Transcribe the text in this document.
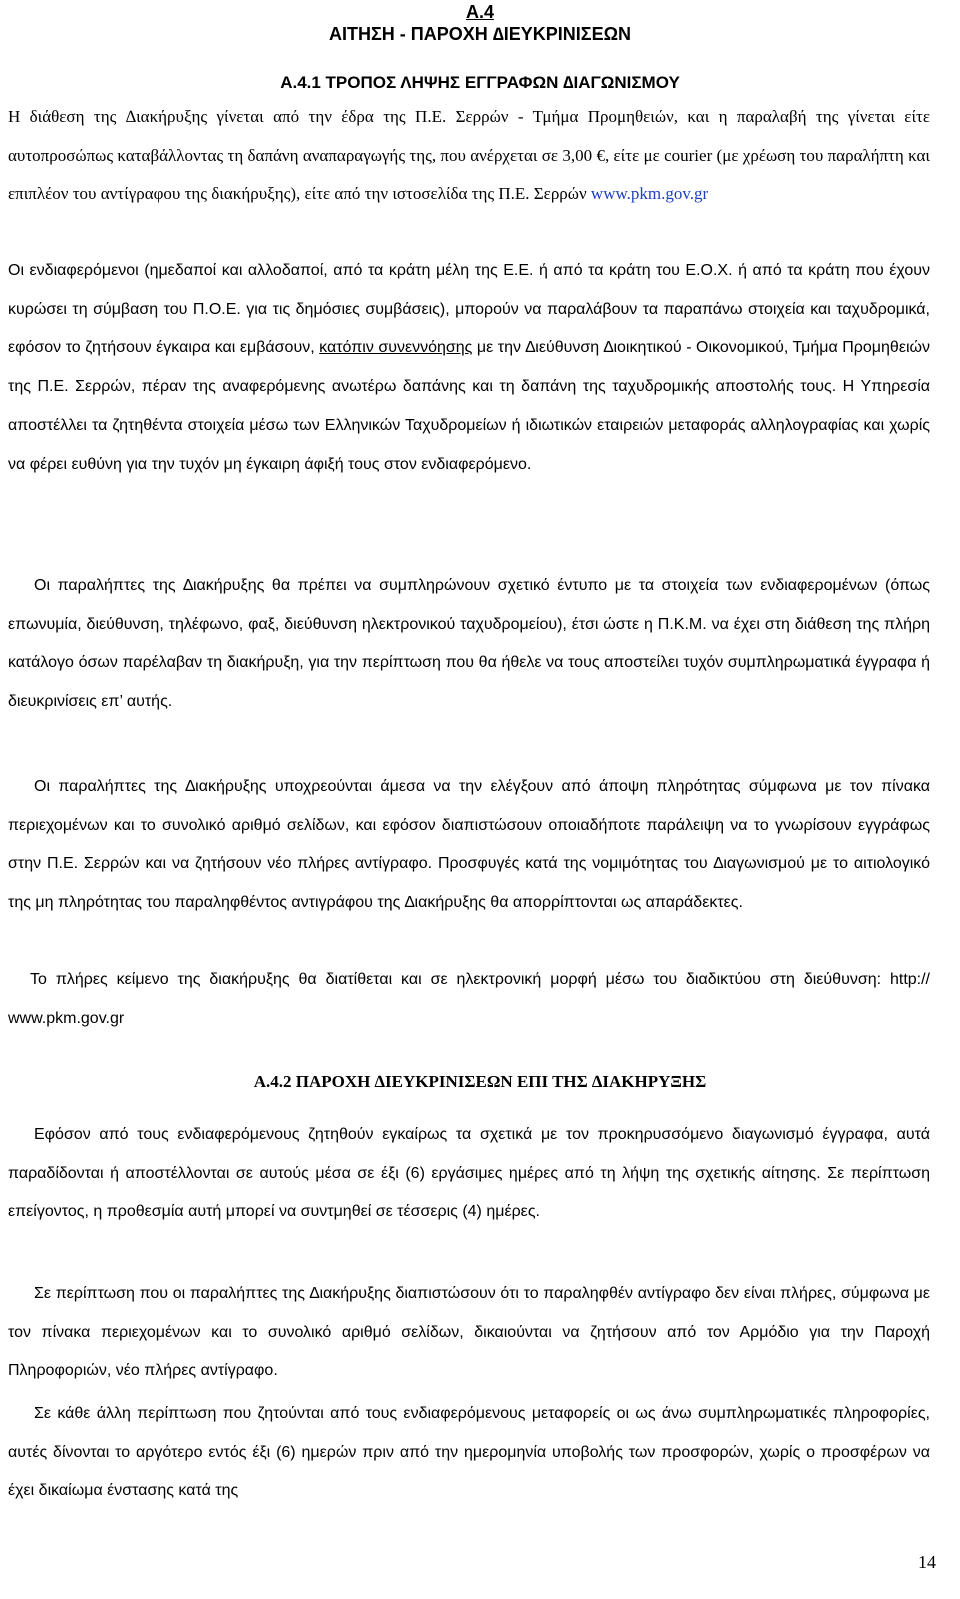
Α.4
ΑΙΤΗΣΗ - ΠΑΡΟΧΗ ∆ΙΕΥΚΡΙΝΙΣΕΩΝ
Α.4.1 ΤΡΟΠΟΣ ΛΗΨΗΣ ΕΓΓΡΑΦΩΝ ∆ΙΑΓΩΝΙΣΜΟΥ

Η διάθεση της ∆ιακήρυξης γίνεται από την έδρα της Π.Ε. Σερρών - Τμήμα Προμηθειών, και η παραλαβή της γίνεται είτε αυτοπροσώπως καταβάλλοντας τη δαπάνη αναπαραγωγής της, που ανέρχεται σε 3,00 €, είτε με courier (με χρέωση του παραλήπτη και επιπλέον του αντίγραφου της διακήρυξης), είτε από την ιστοσελίδα της Π.Ε. Σερρών www.pkm.gov.gr

Οι ενδιαφερόμενοι (ημεδαποί και αλλοδαποί, από τα κράτη μέλη της Ε.Ε. ή από τα κράτη του Ε.Ο.Χ. ή από τα κράτη που έχουν κυρώσει τη σύμβαση του Π.Ο.Ε. για τις δημόσιες συμβάσεις), μπορούν να παραλάβουν τα παραπάνω στοιχεία και ταχυδρομικά, εφόσον το ζητήσουν έγκαιρα και εμβάσουν, κατόπιν συνεννόησης με την ∆ιεύθυνση ∆ιοικητικού - Οικονομικού, Τμήμα Προμηθειών της Π.Ε. Σερρών, πέραν της αναφερόμενης ανωτέρω δαπάνης και τη δαπάνη της ταχυδρομικής αποστολής τους. Η Υπηρεσία αποστέλλει τα ζητηθέντα στοιχεία μέσω των Ελληνικών Ταχυδρομείων ή ιδιωτικών εταιρειών μεταφοράς αλληλογραφίας και χωρίς να φέρει ευθύνη για την τυχόν μη έγκαιρη άφιξή τους στον ενδιαφερόμενο.

Οι παραλήπτες της ∆ιακήρυξης θα πρέπει να συμπληρώνουν σχετικό έντυπο με τα στοιχεία των ενδιαφερομένων (όπως επωνυμία, διεύθυνση, τηλέφωνο, φαξ, διεύθυνση ηλεκτρονικού ταχυδρομείου), έτσι ώστε η Π.Κ.Μ. να έχει στη διάθεση της πλήρη κατάλογο όσων παρέλαβαν τη διακήρυξη, για την περίπτωση που θα ήθελε να τους αποστείλει τυχόν συμπληρωματικά έγγραφα ή διευκρινίσεις επ’ αυτής.

Οι παραλήπτες της ∆ιακήρυξης υποχρεούνται άμεσα να την ελέγξουν από άποψη πληρότητας σύμφωνα με τον πίνακα περιεχομένων και το συνολικό αριθμό σελίδων, και εφόσον διαπιστώσουν οποιαδήποτε παράλειψη να το γνωρίσουν εγγράφως στην Π.Ε. Σερρών και να ζητήσουν νέο πλήρες αντίγραφο. Προσφυγές κατά της νομιμότητας του ∆ιαγωνισμού με το αιτιολογικό της μη πληρότητας του παραληφθέντος αντιγράφου της ∆ιακήρυξης θα απορρίπτονται ως απαράδεκτες.

Το πλήρες κείμενο της διακήρυξης θα διατίθεται και σε ηλεκτρονική μορφή μέσω του διαδικτύου στη διεύθυνση: http:// www.pkm.gov.gr

Α.4.2 ΠΑΡΟΧΗ ∆ΙΕΥΚΡΙΝΙΣΕΩΝ ΕΠΙ ΤΗΣ ∆ΙΑΚΗΡΥΞΗΣ

Εφόσον από τους ενδιαφερόμενους ζητηθούν εγκαίρως τα σχετικά με τον προκηρυσσόμενο διαγωνισμό έγγραφα, αυτά παραδίδονται ή αποστέλλονται σε αυτούς μέσα σε έξι (6) εργάσιμες ημέρες από τη λήψη της σχετικής αίτησης. Σε περίπτωση επείγοντος, η προθεσμία αυτή μπορεί να συντμηθεί σε τέσσερις (4) ημέρες.

Σε περίπτωση που οι παραλήπτες της ∆ιακήρυξης διαπιστώσουν ότι το παραληφθέν αντίγραφο δεν είναι πλήρες, σύμφωνα με τον πίνακα περιεχομένων και το συνολικό αριθμό σελίδων, δικαιούνται να ζητήσουν από τον Αρμόδιο για την Παροχή Πληροφοριών, νέο πλήρες αντίγραφο.

Σε κάθε άλλη περίπτωση που ζητούνται από τους ενδιαφερόμενους μεταφορείς οι ως άνω συμπληρωματικές πληροφορίες, αυτές δίνονται το αργότερο εντός έξι (6) ημερών πριν από την ημερομηνία υποβολής των προσφορών, χωρίς ο προσφέρων να έχει δικαίωμα ένστασης κατά της

14
